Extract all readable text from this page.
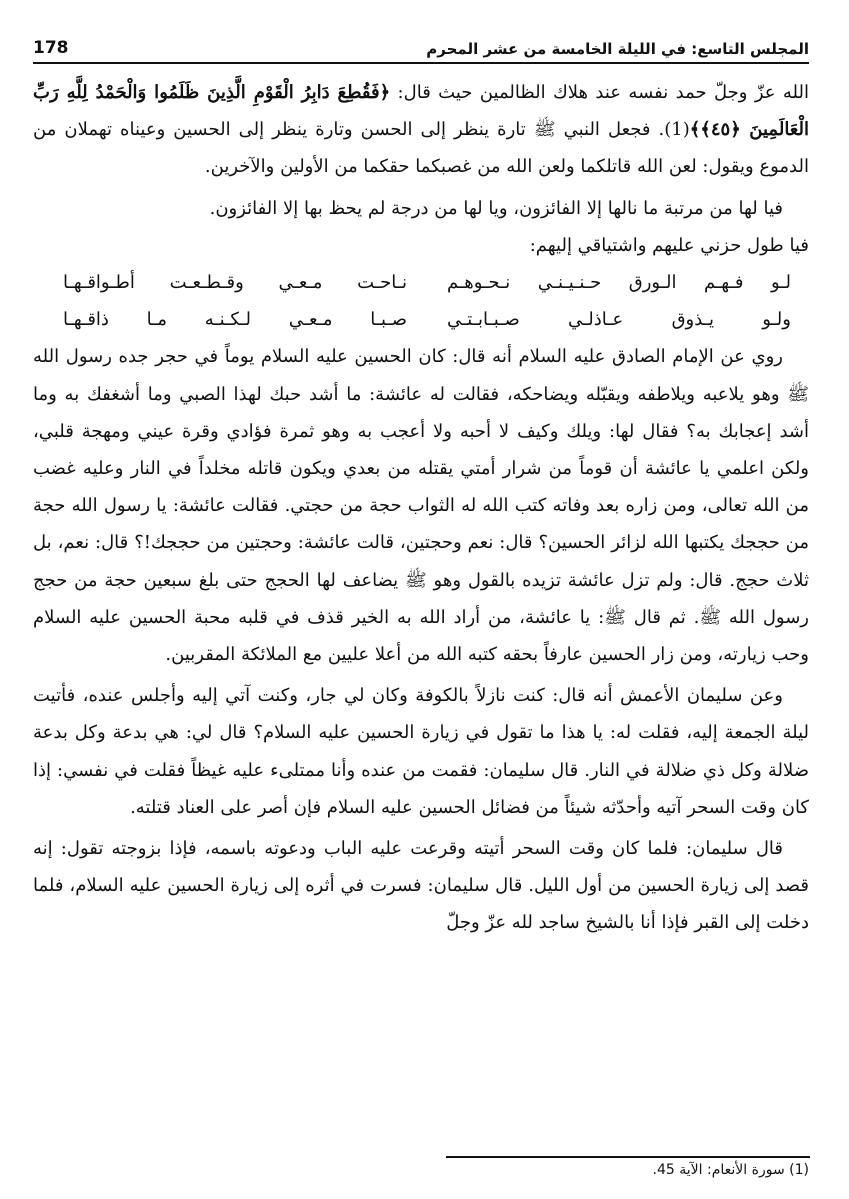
178	المجلس التاسع: في الليلة الخامسة من عشر المحرم

الله عزّ وجلّ حمد نفسه عند هلاك الظالمين حيث قال: ﴿فَقُطِعَ دَابِرُ الْقَوْمِ الَّذِينَ ظَلَمُوا وَالْحَمْدُ لِلَّهِ رَبِّ الْعَالَمِينَ ﴿٤٥﴾﴾(1). فجعل النبي ﷺ تارة ينظر إلى الحسن وتارة ينظر إلى الحسين وعيناه تهملان من الدموع ويقول: لعن الله قاتلكما ولعن الله من غصبكما حقكما من الأولين والآخرين.

فيا لها من مرتبة ما نالها إلا الفائزون، ويا لها من درجة لم يحظ بها إلا الفائزون.

فيا طول حزني عليهم واشتياقي إليهم:

لـو فـهـم الـورق حـنـيـنـي نـحـوهـم
نـاحـت مـعـي وقـطـعـت أطـواقـهـا
ولـو يـذوق عـاذلـي صـبـابـتـي
صـبـا مـعـي لـكـنـه مـا ذاقـهـا

روي عن الإمام الصادق عليه السلام أنه قال: كان الحسين عليه السلام يوماً في حجر جده رسول الله ﷺ وهو يلاعبه ويلاطفه ويقبّله ويضاحكه، فقالت له عائشة: ما أشد حبك لهذا الصبي وما أشغفك به وما أشد إعجابك به؟ فقال لها: ويلك وكيف لا أحبه ولا أعجب به وهو ثمرة فؤادي وقرة عيني ومهجة قلبي، ولكن اعلمي يا عائشة أن قوماً من شرار أمتي يقتله من بعدي ويكون قاتله مخلداً في النار وعليه غضب من الله تعالى، ومن زاره بعد وفاته كتب الله له الثواب حجة من حجتي. فقالت عائشة: يا رسول الله حجة من حججك يكتبها الله لزائر الحسين؟ قال: نعم وحجتين، قالت عائشة: وحجتين من حججك!؟ قال: نعم، بل ثلاث حجج. قال: ولم تزل عائشة تزيده بالقول وهو ﷺ يضاعف لها الحجج حتى بلغ سبعين حجة من حجج رسول الله ﷺ. ثم قال ﷺ: يا عائشة، من أراد الله به الخير قذف في قلبه محبة الحسين عليه السلام وحب زيارته، ومن زار الحسين عارفاً بحقه كتبه الله من أعلا عليين مع الملائكة المقربين.

وعن سليمان الأعمش أنه قال: كنت نازلاً بالكوفة وكان لي جار، وكنت آتي إليه وأجلس عنده، فأتيت ليلة الجمعة إليه، فقلت له: يا هذا ما تقول في زيارة الحسين عليه السلام؟ قال لي: هي بدعة وكل بدعة ضلالة وكل ذي ضلالة في النار. قال سليمان: فقمت من عنده وأنا ممتلىء عليه غيظاً فقلت في نفسي: إذا كان وقت السحر آتيه وأحدّثه شيئاً من فضائل الحسين عليه السلام فإن أصر على العناد قتلته.

قال سليمان: فلما كان وقت السحر أتيته وقرعت عليه الباب ودعوته باسمه، فإذا بزوجته تقول: إنه قصد إلى زيارة الحسين من أول الليل. قال سليمان: فسرت في أثره إلى زيارة الحسين عليه السلام، فلما دخلت إلى القبر فإذا أنا بالشيخ ساجد لله عزّ وجلّ

(1) سورة الأنعام: الآية 45.
